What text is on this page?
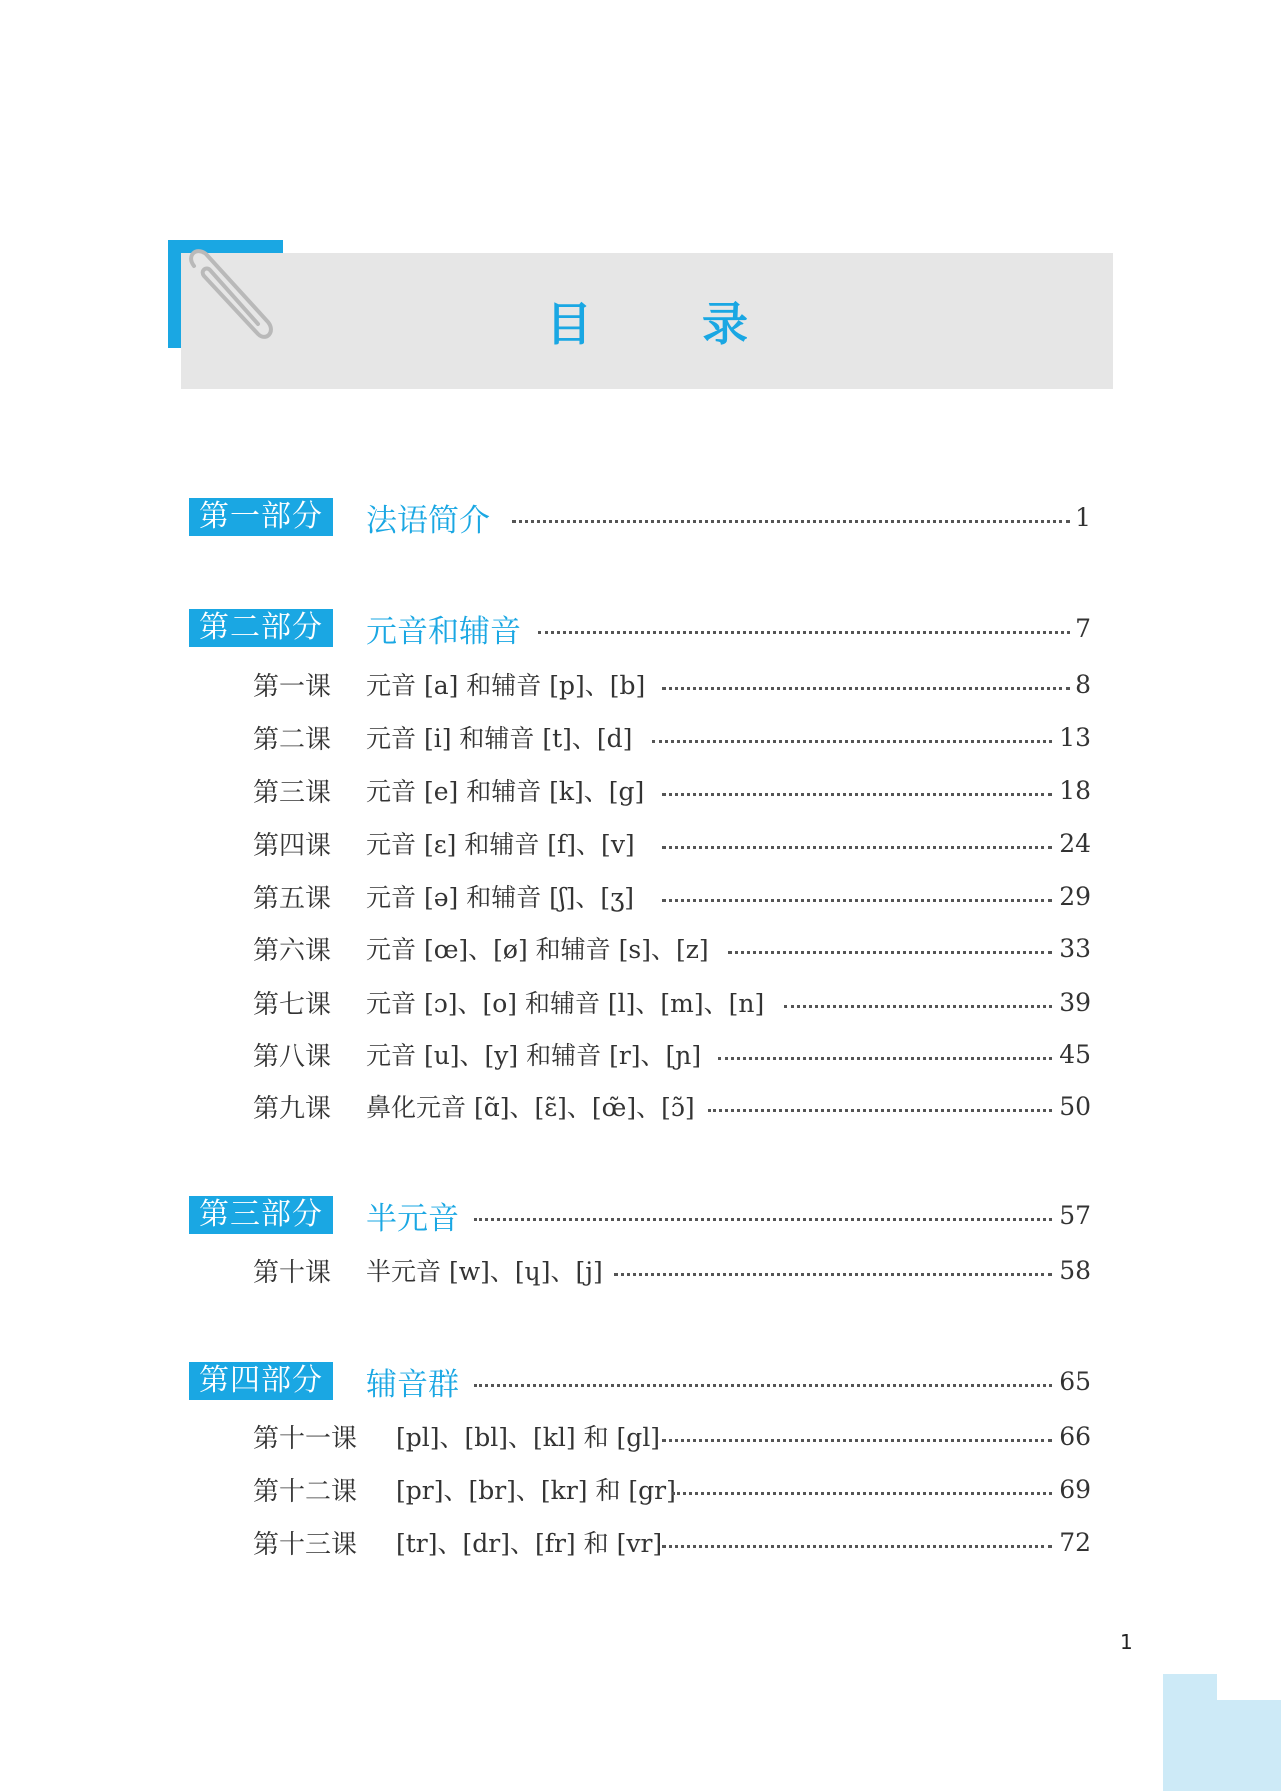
目 录
第一部分	法语简介	1
第二部分	元音和辅音	7
第一课 元音 [a] 和辅音 [p]、[b]	8
第二课 元音 [i] 和辅音 [t]、[d]	13
第三课 元音 [e] 和辅音 [k]、[g]	18
第四课 元音 [ε] 和辅音 [f]、[v]	24
第五课 元音 [ə] 和辅音 [ʃ]、[ʒ]	29
第六课 元音 [œ]、[ø] 和辅音 [s]、[z]	33
第七课 元音 [ɔ]、[o] 和辅音 [l]、[m]、[n]	39
第八课 元音 [u]、[y] 和辅音 [r]、[ɲ]	45
第九课 鼻化元音 [ɑ̃]、[ɛ̃]、[œ̃]、[ɔ̃]	50
第三部分	半元音	57
第十课 半元音 [w]、[ɥ]、[j]	58
第四部分	辅音群	65
第十一课 [pl]、[bl]、[kl] 和 [gl]	66
第十二课 [pr]、[br]、[kr] 和 [gr]	69
第十三课 [tr]、[dr]、[fr] 和 [vr]	72
1
